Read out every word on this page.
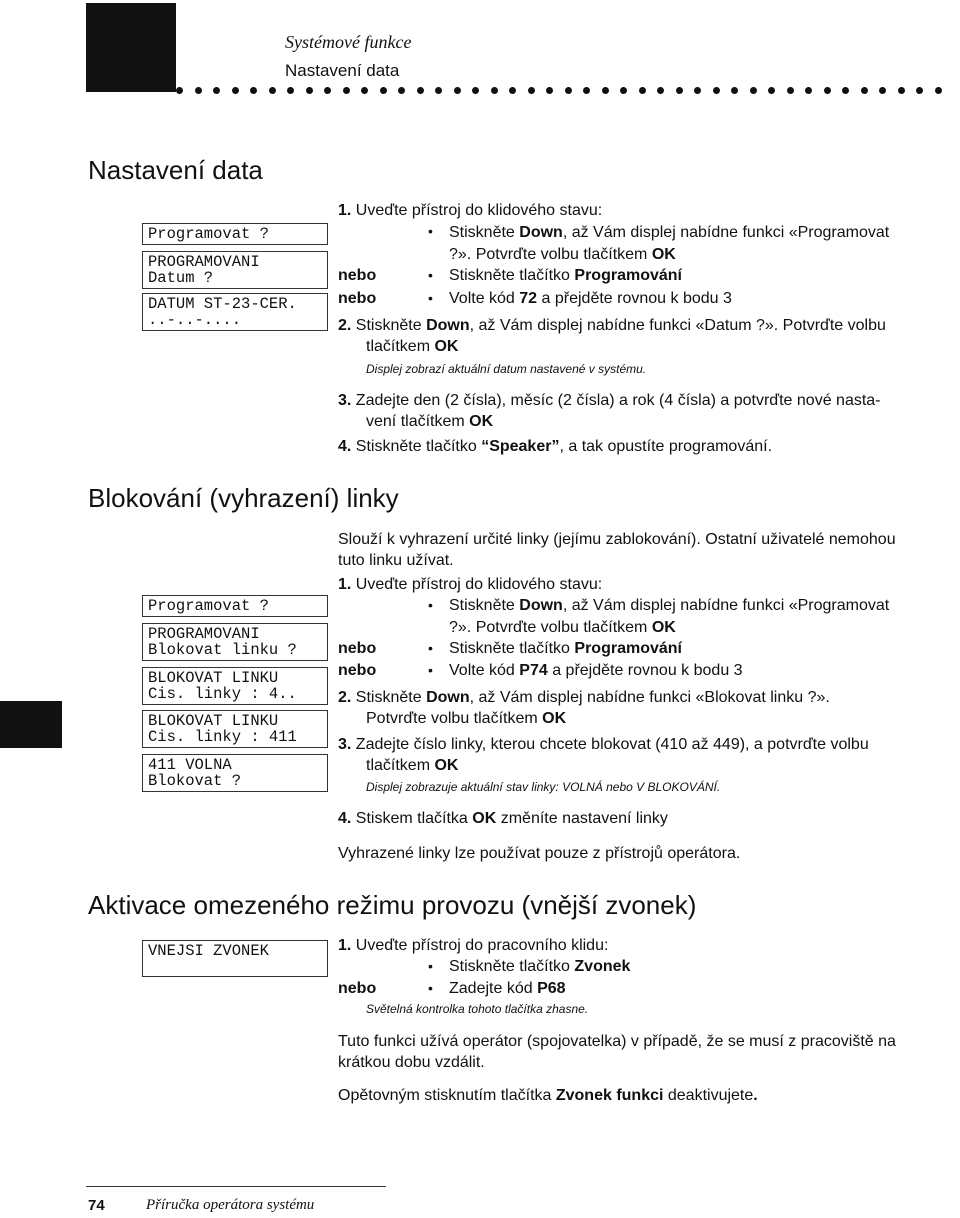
Systémové funkce
Nastavení data
Nastavení data
Programovat ?
PROGRAMOVANI
Datum ?
DATUM ST-23-CER.
..-..-....
1. Uveďte přístroj do klidového stavu:
• Stiskněte Down, až Vám displej nabídne funkci «Programovat
?». Potvrďte volbu tlačítkem OK
nebo	• Stiskněte tlačítko Programování
nebo	• Volte kód 72 a přejděte rovnou k bodu 3
2. Stiskněte Down, až Vám displej nabídne funkci «Datum ?». Potvrďte volbu
tlačítkem OK
Displej zobrazí aktuální datum nastavené v systému.
3. Zadejte den (2 čísla), měsíc (2 čísla) a rok (4 čísla) a potvrďte nové nasta-
vení tlačítkem OK
4. Stiskněte tlačítko “Speaker”, a tak opustíte programování.
Blokování (vyhrazení) linky
Slouží k vyhrazení určité linky (jejímu zablokování). Ostatní uživatelé nemohou
tuto linku užívat.
Programovat ?
PROGRAMOVANI
Blokovat linku ?
BLOKOVAT LINKU
Cis. linky : 4..
BLOKOVAT LINKU
Cis. linky : 411
411 VOLNA
Blokovat ?
1. Uveďte přístroj do klidového stavu:
• Stiskněte Down, až Vám displej nabídne funkci «Programovat
?». Potvrďte volbu tlačítkem OK
nebo	• Stiskněte tlačítko Programování
nebo	• Volte kód P74 a přejděte rovnou k bodu 3
2. Stiskněte Down, až Vám displej nabídne funkci «Blokovat linku ?».
Potvrďte volbu tlačítkem OK
3. Zadejte číslo linky, kterou chcete blokovat (410 až 449), a potvrďte volbu
tlačítkem OK
Displej zobrazuje aktuální stav linky: VOLNÁ nebo V BLOKOVÁNÍ.
4. Stiskem tlačítka OK změníte nastavení linky
Vyhrazené linky lze používat pouze z přístrojů operátora.
Aktivace omezeného režimu provozu (vnější zvonek)
VNEJSI ZVONEK	1. Uveďte přístroj do pracovního klidu:
• Stiskněte tlačítko Zvonek
nebo	• Zadejte kód P68
Světelná kontrolka tohoto tlačítka zhasne.
Tuto funkci užívá operátor (spojovatelka) v případě, že se musí z pracoviště na
krátkou dobu vzdálit.
Opětovným stisknutím tlačítka Zvonek funkci deaktivujete.
74	Příručka operátora systému
